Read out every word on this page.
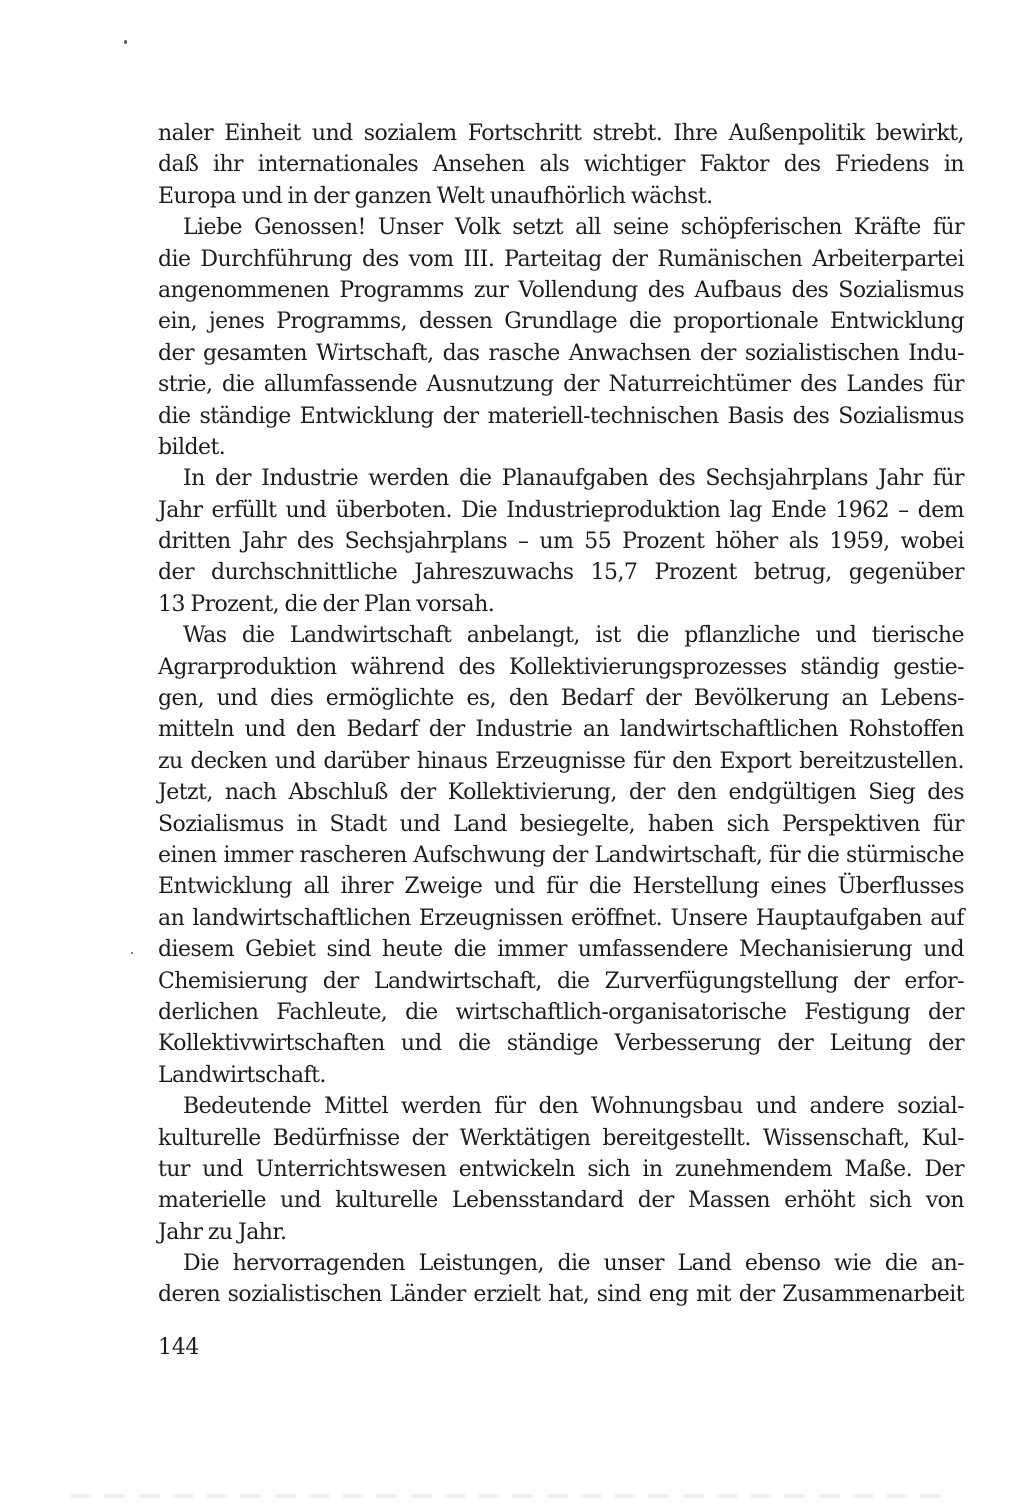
naler Einheit und sozialem Fortschritt strebt. Ihre Außenpolitik bewirkt,
daß ihr internationales Ansehen als wichtiger Faktor des Friedens in
Europa und in der ganzen Welt unaufhörlich wächst.
Liebe Genossen! Unser Volk setzt all seine schöpferischen Kräfte für
die Durchführung des vom III. Parteitag der Rumänischen Arbeiterpartei
angenommenen Programms zur Vollendung des Aufbaus des Sozialismus
ein, jenes Programms, dessen Grundlage die proportionale Entwicklung
der gesamten Wirtschaft, das rasche Anwachsen der sozialistischen Indu-
strie, die allumfassende Ausnutzung der Naturreichtümer des Landes für
die ständige Entwicklung der materiell-technischen Basis des Sozialismus
bildet.
In der Industrie werden die Planaufgaben des Sechsjahrplans Jahr für
Jahr erfüllt und überboten. Die Industrieproduktion lag Ende 1962 – dem
dritten Jahr des Sechsjahrplans – um 55 Prozent höher als 1959, wobei
der durchschnittliche Jahreszuwachs 15,7 Prozent betrug, gegenüber
13 Prozent, die der Plan vorsah.
Was die Landwirtschaft anbelangt, ist die pflanzliche und tierische
Agrarproduktion während des Kollektivierungsprozesses ständig gestie-
gen, und dies ermöglichte es, den Bedarf der Bevölkerung an Lebens-
mitteln und den Bedarf der Industrie an landwirtschaftlichen Rohstoffen
zu decken und darüber hinaus Erzeugnisse für den Export bereitzustellen.
Jetzt, nach Abschluß der Kollektivierung, der den endgültigen Sieg des
Sozialismus in Stadt und Land besiegelte, haben sich Perspektiven für
einen immer rascheren Aufschwung der Landwirtschaft, für die stürmische
Entwicklung all ihrer Zweige und für die Herstellung eines Überflusses
an landwirtschaftlichen Erzeugnissen eröffnet. Unsere Hauptaufgaben auf
diesem Gebiet sind heute die immer umfassendere Mechanisierung und
Chemisierung der Landwirtschaft, die Zurverfügungstellung der erfor-
derlichen Fachleute, die wirtschaftlich-organisatorische Festigung der
Kollektivwirtschaften und die ständige Verbesserung der Leitung der
Landwirtschaft.
Bedeutende Mittel werden für den Wohnungsbau und andere sozial-
kulturelle Bedürfnisse der Werktätigen bereitgestellt. Wissenschaft, Kul-
tur und Unterrichtswesen entwickeln sich in zunehmendem Maße. Der
materielle und kulturelle Lebensstandard der Massen erhöht sich von
Jahr zu Jahr.
Die hervorragenden Leistungen, die unser Land ebenso wie die an-
deren sozialistischen Länder erzielt hat, sind eng mit der Zusammenarbeit
144
